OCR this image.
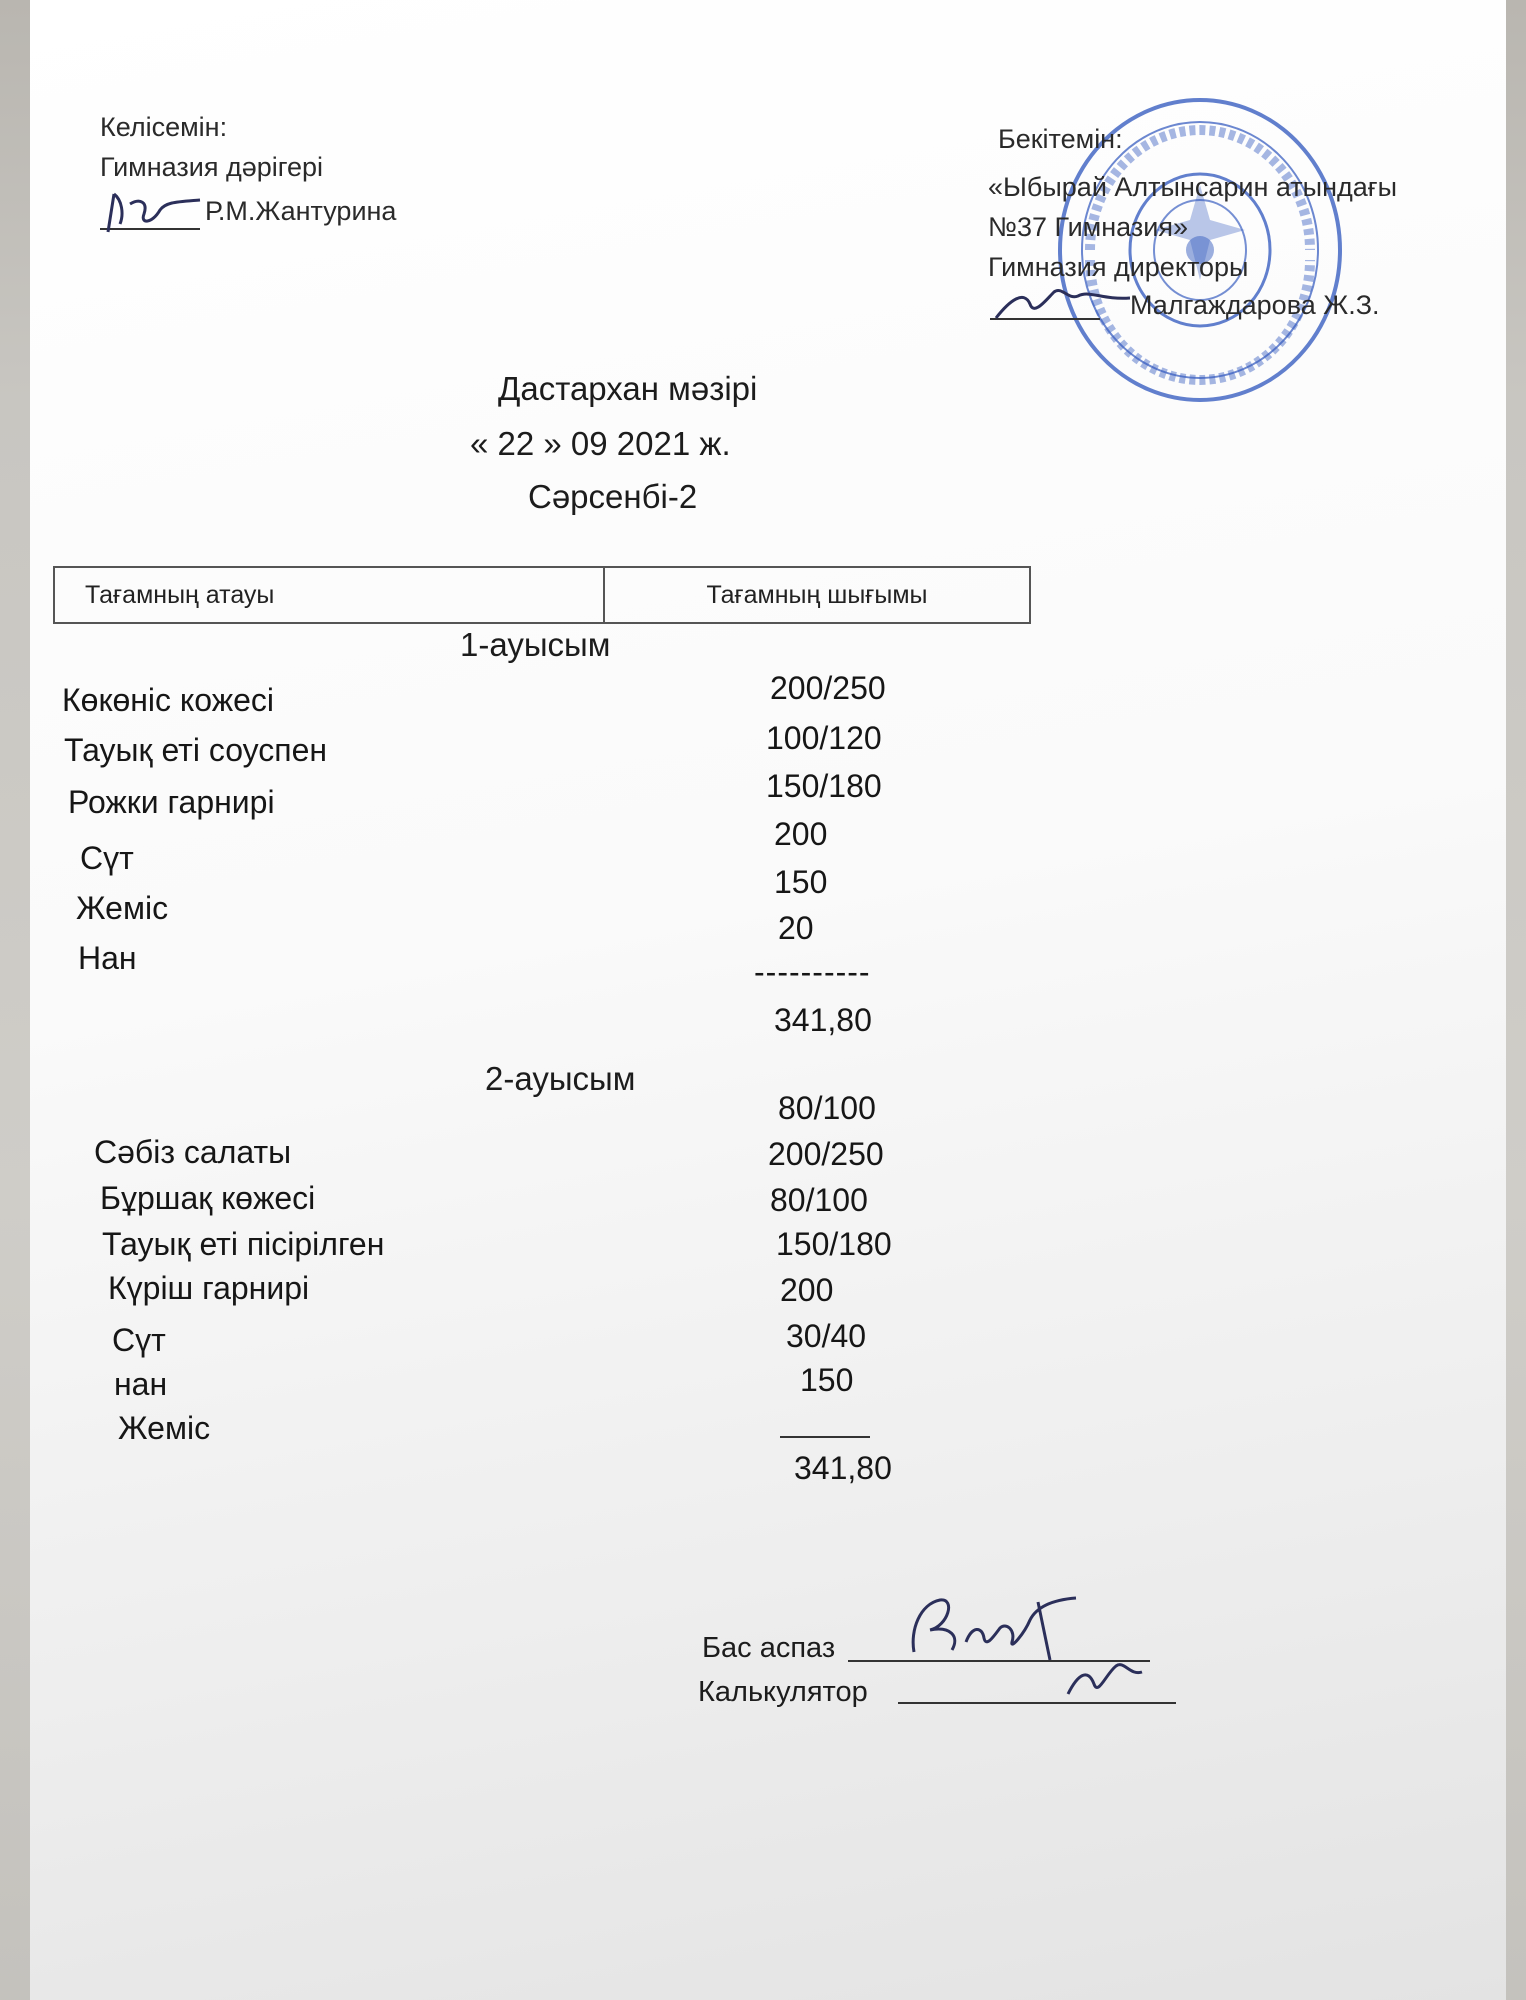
Келісемін:
Гимназия дәрігері
Р.М.Жантурина
Бекітемін:
«Ыбырай Алтынсарин атындағы
№37 Гимназия»
Гимназия директоры
Малгаждарова Ж.З.
Дастархан мәзірі
« 22 » 09 2021 ж.
Сәрсенбі-2
Тағамның атауы	Тағамның шығымы
1-ауысым
Көкөніс кожесі
Тауық еті соуспен
Рожки гарнирі
Сүт
Жеміс
Нан
200/250
100/120
150/180
200
150
20
----------
341,80
2-ауысым
Сәбіз салаты
Бұршақ көжесі
Тауық еті пісірілген
Күріш гарнирі
Сүт
нан
Жеміс
80/100
200/250
80/100
150/180
200
30/40
150
341,80
Бас аспаз
Калькулятор
